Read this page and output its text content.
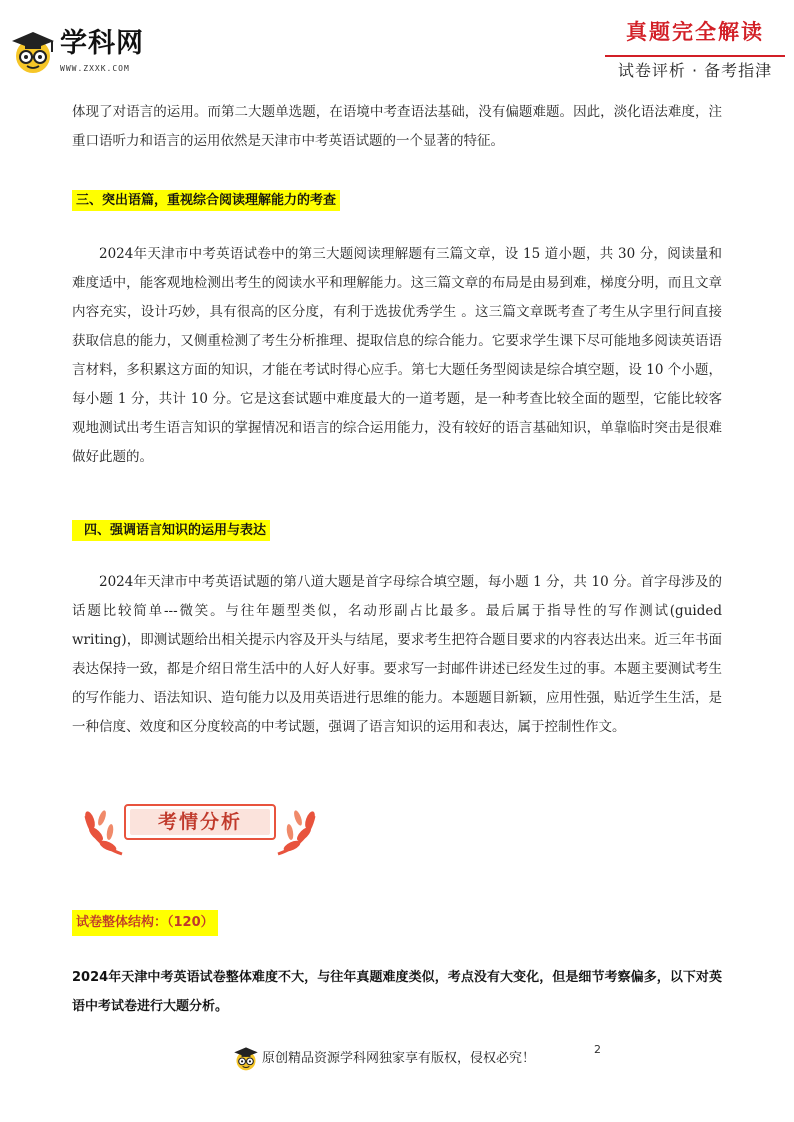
学科网
WWW.ZXXK.COM
真题完全解读
试卷评析 · 备考指津

体现了对语言的运用。而第二大题单选题，在语境中考查语法基础，没有偏题难题。因此，淡化语法难度，注重口语听力和语言的运用依然是天津市中考英语试题的一个显著的特征。

三、突出语篇，重视综合阅读理解能力的考查

2024年天津市中考英语试卷中的第三大题阅读理解题有三篇文章，设 15 道小题，共 30 分，阅读量和难度适中，能客观地检测出考生的阅读水平和理解能力。这三篇文章的布局是由易到难，梯度分明，而且文章内容充实，设计巧妙，具有很高的区分度，有利于选拔优秀学生 。这三篇文章既考查了考生从字里行间直接获取信息的能力，又侧重检测了考生分析推理、提取信息的综合能力。它要求学生课下尽可能地多阅读英语语言材料，多积累这方面的知识，才能在考试时得心应手。第七大题任务型阅读是综合填空题，设 10 个小题，每小题 1 分，共计 10 分。它是这套试题中难度最大的一道考题，是一种考查比较全面的题型，它能比较客观地测试出考生语言知识的掌握情况和语言的综合运用能力，没有较好的语言基础知识，单靠临时突击是很难做好此题的。

四、强调语言知识的运用与表达

2024年天津市中考英语试题的第八道大题是首字母综合填空题，每小题 1 分，共 10 分。首字母涉及的话题比较简单---微笑。与往年题型类似，名动形副占比最多。最后属于指导性的写作测试(guided writing)，即测试题给出相关提示内容及开头与结尾，要求考生把符合题目要求的内容表达出来。近三年书面表达保持一致，都是介绍日常生活中的人好人好事。要求写一封邮件讲述已经发生过的事。本题主要测试考生的写作能力、语法知识、造句能力以及用英语进行思维的能力。本题题目新颖，应用性强，贴近学生生活，是一种信度、效度和区分度较高的中考试题，强调了语言知识的运用和表达，属于控制性作文。

考情分析
试卷整体结构：（120）

2024年天津中考英语试卷整体难度不大，与往年真题难度类似，考点没有大变化，但是细节考察偏多，以下对英语中考试卷进行大题分析。

原创精品资源学科网独家享有版权，侵权必究！
2
